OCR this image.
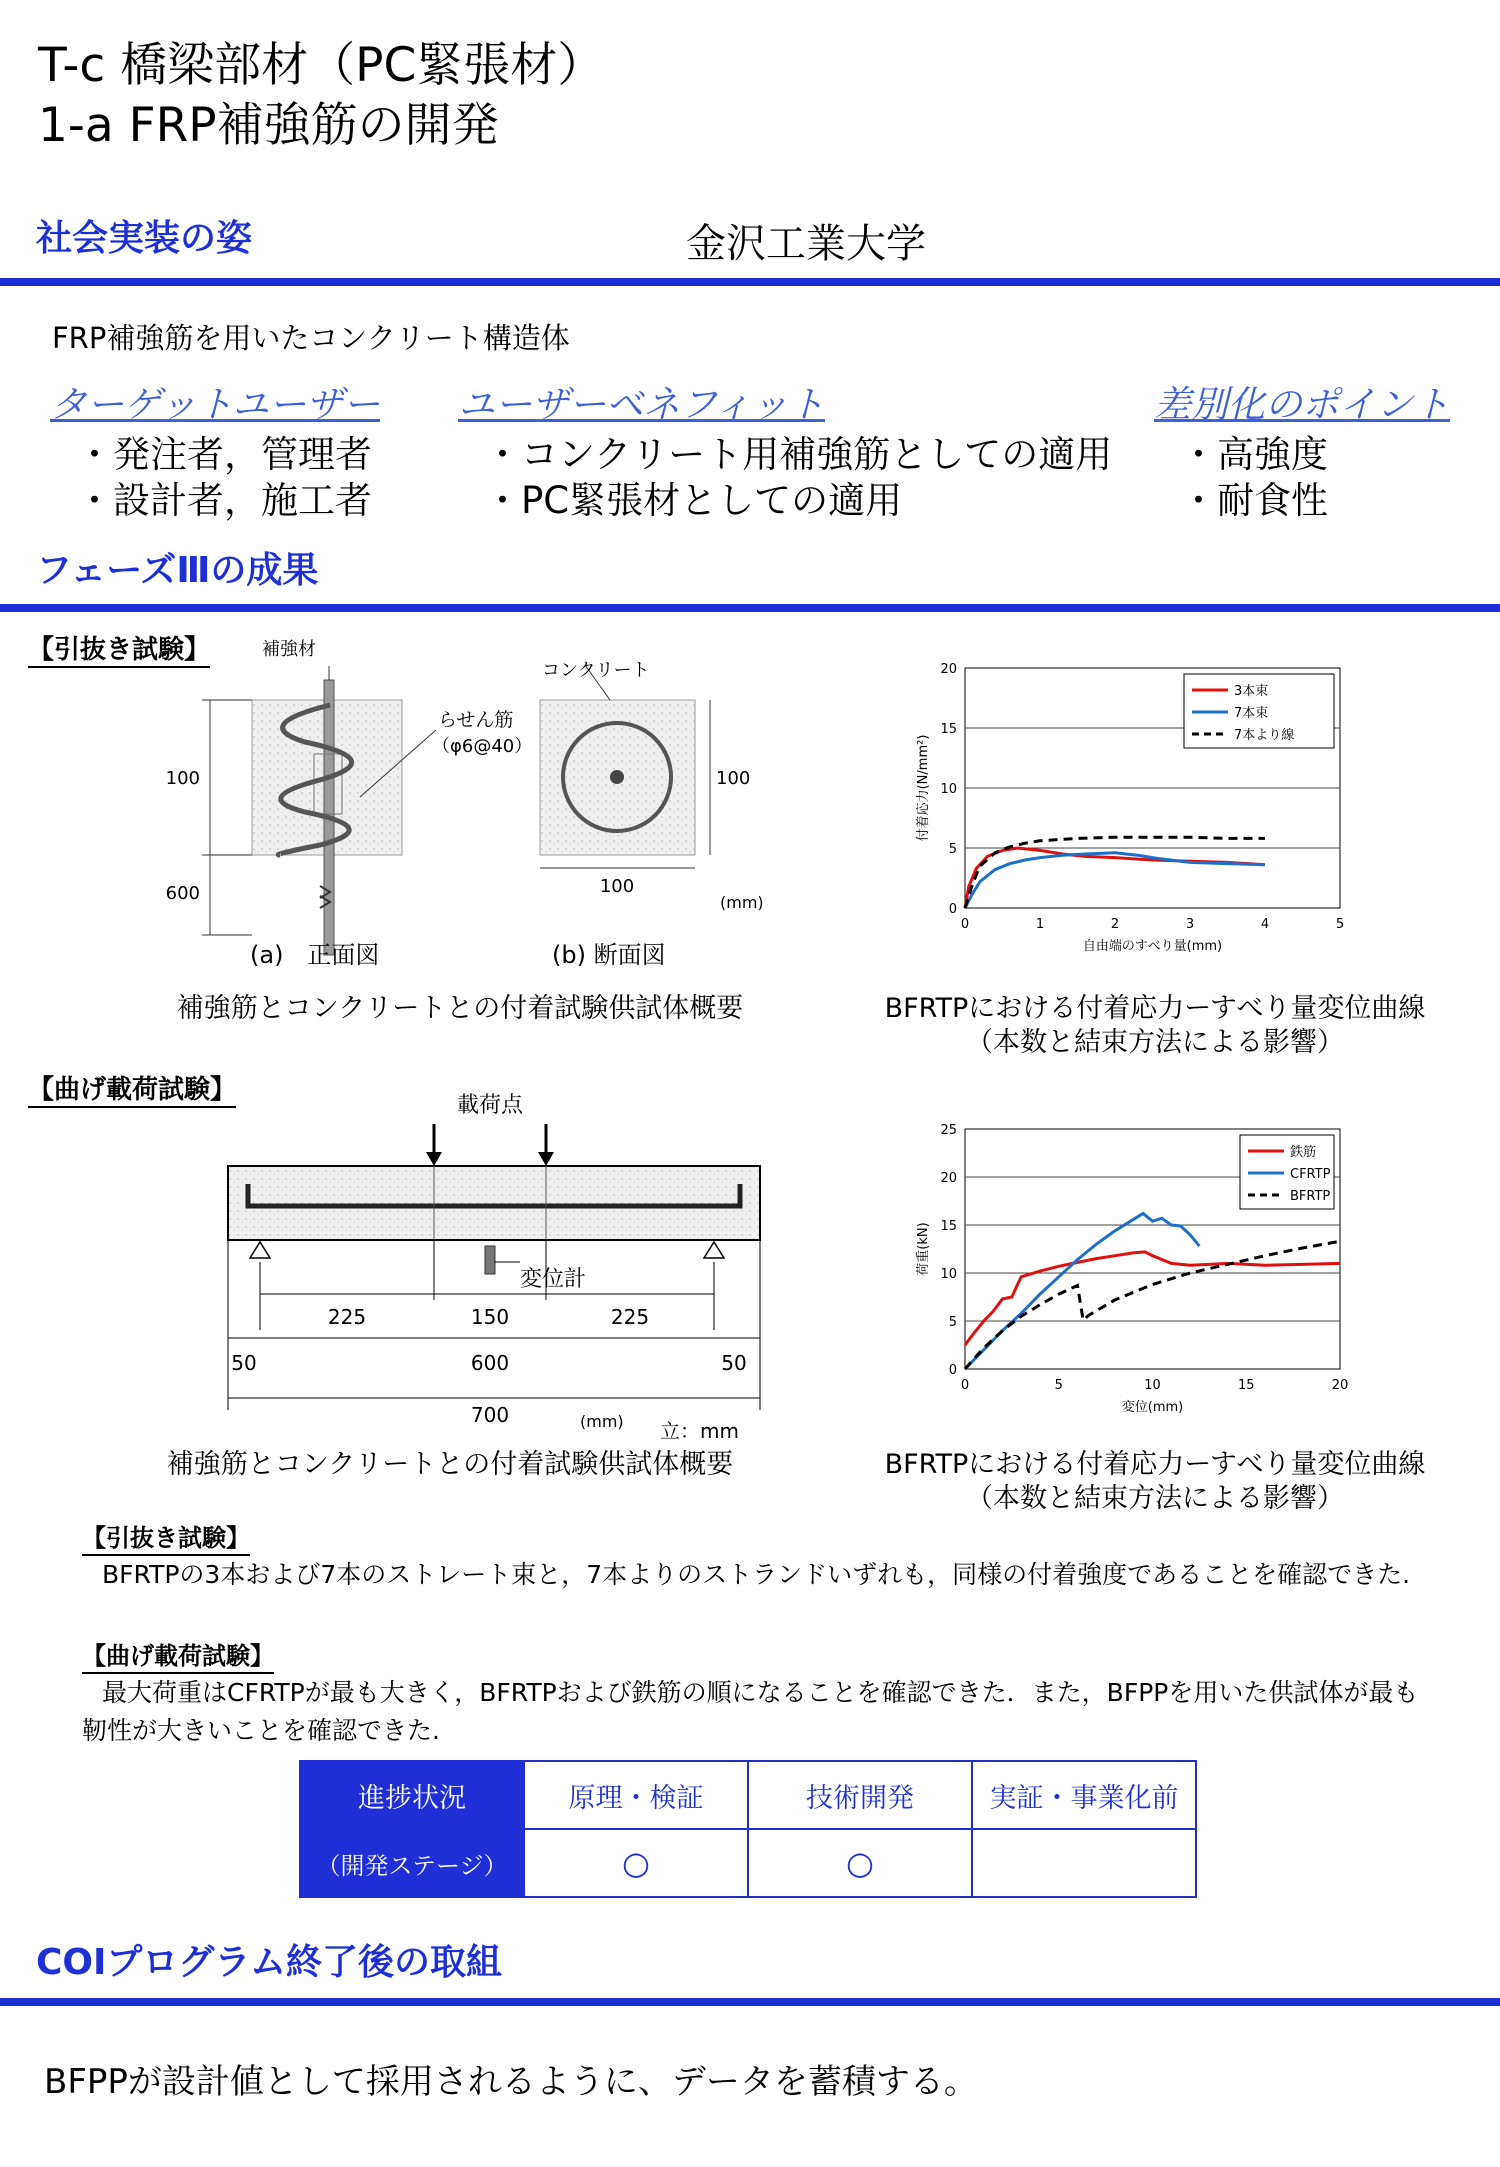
T-c 橋梁部材（PC緊張材）
1-a FRP補強筋の開発
社会実装の姿	金沢工業大学
FRP補強筋を用いたコンクリート構造体
ターゲットユーザー
・発注者，管理者
・設計者，施工者
ユーザーベネフィット
・コンクリート用補強筋としての適用
・PC緊張材としての適用
差別化のポイント
・高強度
・耐食性
フェーズⅢの成果
【引抜き試験】	補強材
100
600
らせん筋
（φ6@40）
コンクリート
100
100
(mm)
(a)　正面図	(b) 断面図
補強筋とコンクリートとの付着試験供試体概要
0
5
10
15
20
0	1	2	3	4	5
自由端のすべり量(mm)
付着応力(N/mm²)
3本束
7本束
7本より線
BFRTPにおける付着応力ーすべり量変位曲線
（本数と結束方法による影響）
【曲げ載荷試験】
載荷点
変位計
225	150	225
50	600	50
700	(mm) 立：mm
補強筋とコンクリートとの付着試験供試体概要
0
5
10
15
20
25
0	5	10	15	20
変位(mm)
荷重(kN)
鉄筋
CFRTP
BFRTP
BFRTPにおける付着応力ーすべり量変位曲線
（本数と結束方法による影響）
【引抜き試験】
BFRTPの3本および7本のストレート束と，7本よりのストランドいずれも，同様の付着強度であることを確認できた.
【曲げ載荷試験】
最大荷重はCFRTPが最も大きく，BFRTPおよび鉄筋の順になることを確認できた．また，BFPPを用いた供試体が最も靭性が大きいことを確認できた.
進捗状況	原理・検証	技術開発	実証・事業化前
（開発ステージ）	○	○	
COIプログラム終了後の取組
BFPPが設計値として採用されるように、データを蓄積する。
